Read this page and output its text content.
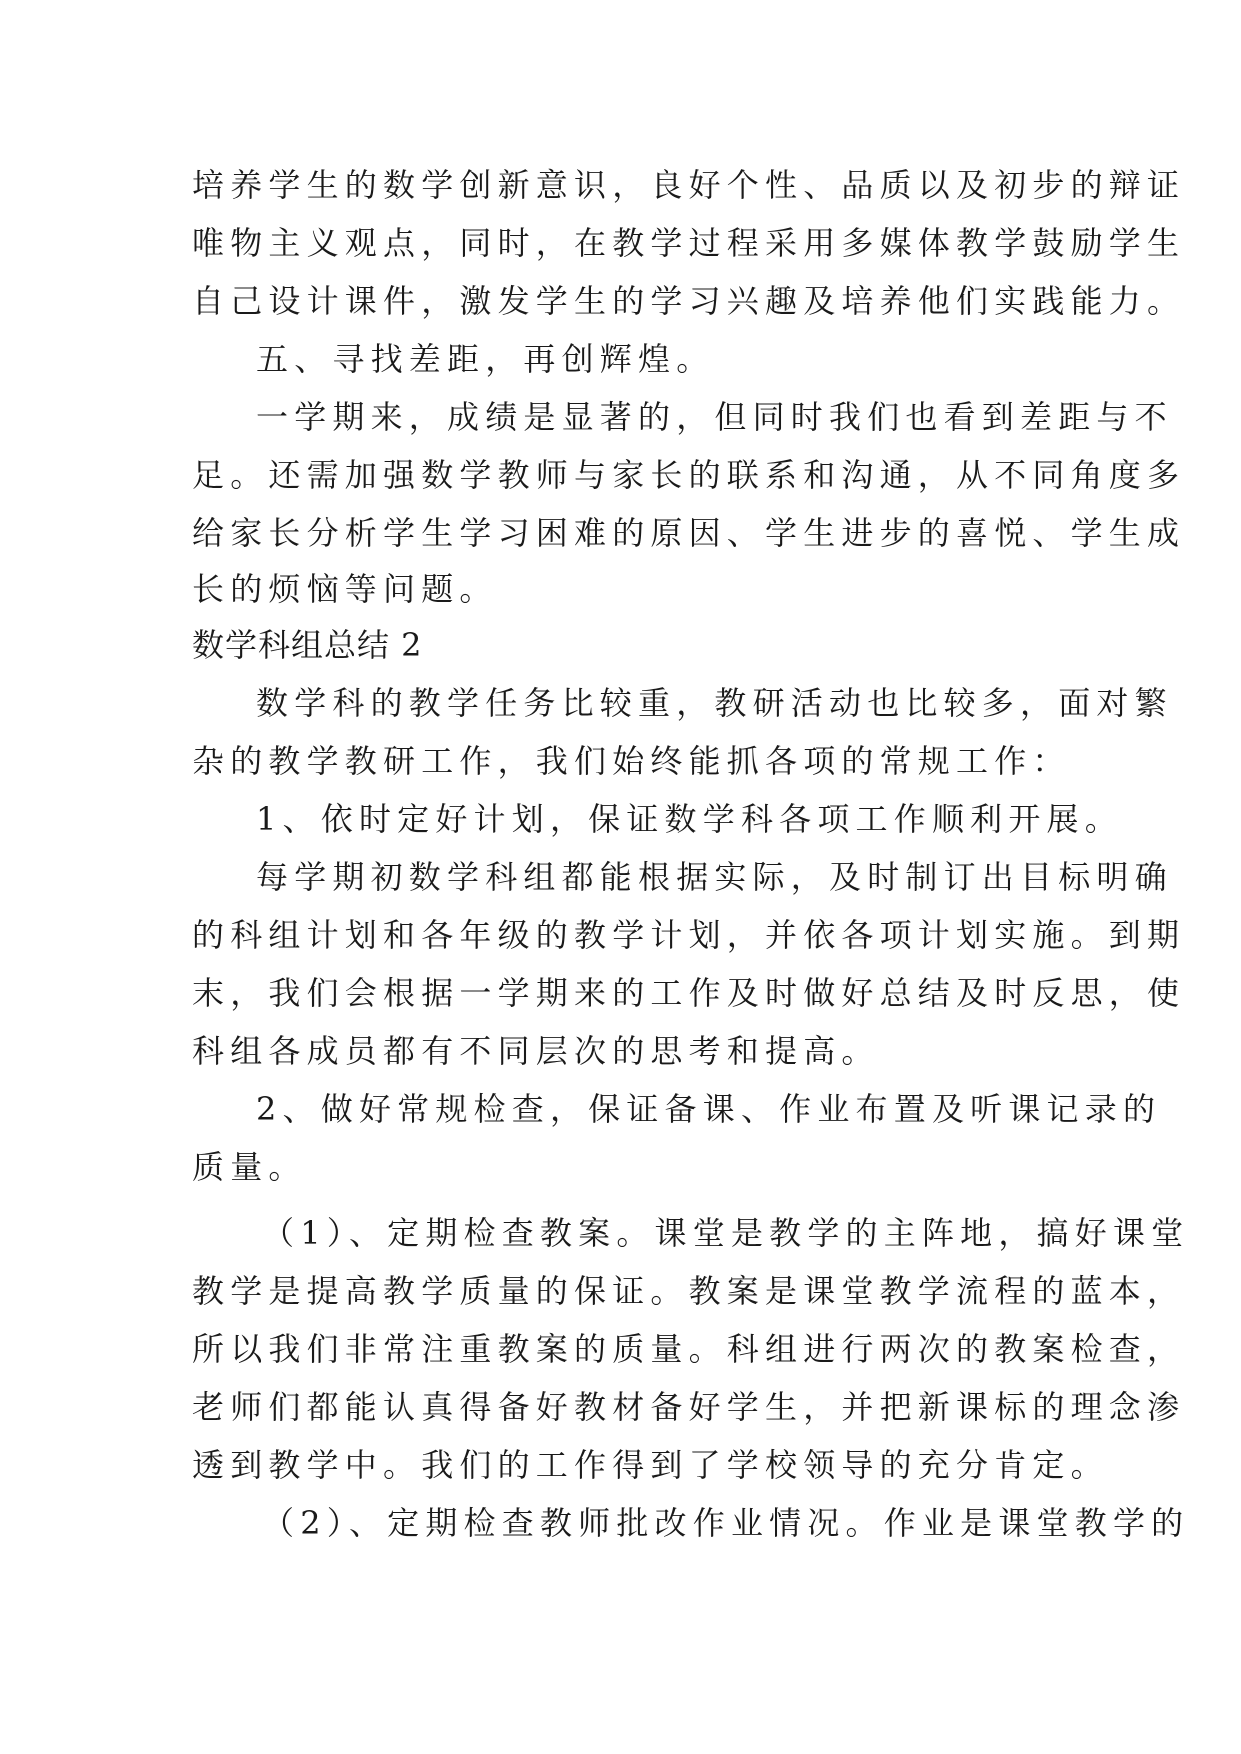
培养学生的数学创新意识，良好个性、品质以及初步的辩证
唯物主义观点，同时，在教学过程采用多媒体教学鼓励学生
自己设计课件，激发学生的学习兴趣及培养他们实践能力。
五、寻找差距，再创辉煌。
一学期来，成绩是显著的，但同时我们也看到差距与不
足。还需加强数学教师与家长的联系和沟通，从不同角度多
给家长分析学生学习困难的原因、学生进步的喜悦、学生成
长的烦恼等问题。
数学科组总结 2
数学科的教学任务比较重，教研活动也比较多，面对繁
杂的教学教研工作，我们始终能抓各项的常规工作：
1、依时定好计划，保证数学科各项工作顺利开展。
每学期初数学科组都能根据实际，及时制订出目标明确
的科组计划和各年级的教学计划，并依各项计划实施。到期
末，我们会根据一学期来的工作及时做好总结及时反思，使
科组各成员都有不同层次的思考和提高。
2、做好常规检查，保证备课、作业布置及听课记录的
质量。
（1）、定期检查教案。课堂是教学的主阵地，搞好课堂
教学是提高教学质量的保证。教案是课堂教学流程的蓝本，
所以我们非常注重教案的质量。科组进行两次的教案检查，
老师们都能认真得备好教材备好学生，并把新课标的理念渗
透到教学中。我们的工作得到了学校领导的充分肯定。
（2）、定期检查教师批改作业情况。作业是课堂教学的
